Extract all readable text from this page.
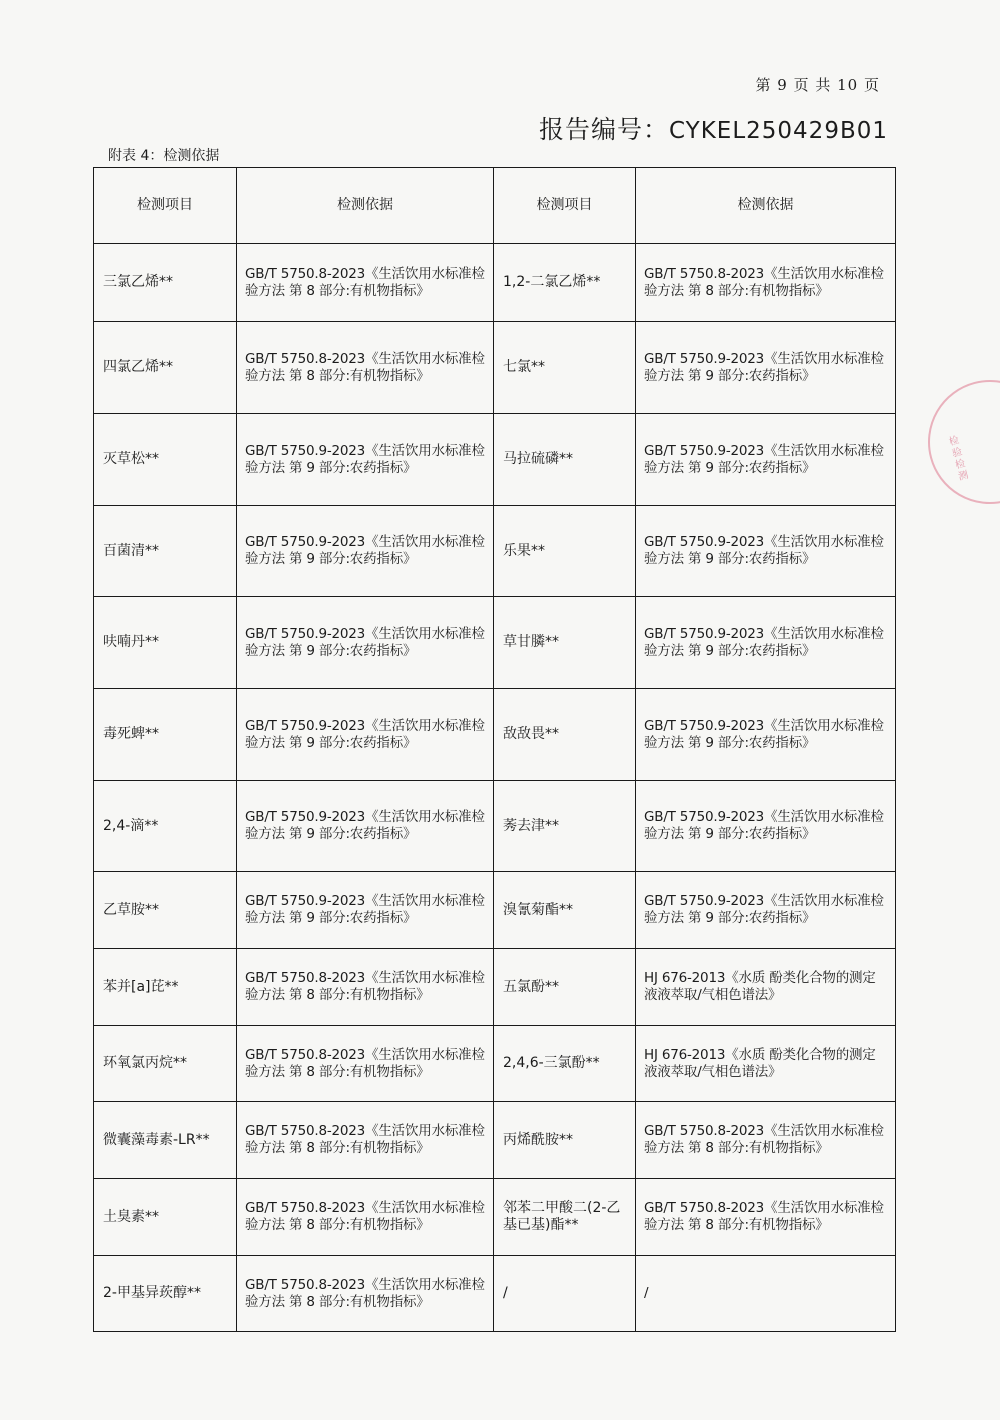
第 9 页 共 10 页
报告编号：CYKEL250429B01
附表 4：检测依据
检测项目	检测依据	检测项目	检测依据
三氯乙烯**	GB/T 5750.8-2023《生活饮用水标准检验方法 第 8 部分:有机物指标》	1,2-二氯乙烯**	GB/T 5750.8-2023《生活饮用水标准检验方法 第 8 部分:有机物指标》
四氯乙烯**	GB/T 5750.8-2023《生活饮用水标准检验方法 第 8 部分:有机物指标》	七氯**	GB/T 5750.9-2023《生活饮用水标准检验方法 第 9 部分:农药指标》
灭草松**	GB/T 5750.9-2023《生活饮用水标准检验方法 第 9 部分:农药指标》	马拉硫磷**	GB/T 5750.9-2023《生活饮用水标准检验方法 第 9 部分:农药指标》
百菌清**	GB/T 5750.9-2023《生活饮用水标准检验方法 第 9 部分:农药指标》	乐果**	GB/T 5750.9-2023《生活饮用水标准检验方法 第 9 部分:农药指标》
呋喃丹**	GB/T 5750.9-2023《生活饮用水标准检验方法 第 9 部分:农药指标》	草甘膦**	GB/T 5750.9-2023《生活饮用水标准检验方法 第 9 部分:农药指标》
毒死蜱**	GB/T 5750.9-2023《生活饮用水标准检验方法 第 9 部分:农药指标》	敌敌畏**	GB/T 5750.9-2023《生活饮用水标准检验方法 第 9 部分:农药指标》
2,4-滴**	GB/T 5750.9-2023《生活饮用水标准检验方法 第 9 部分:农药指标》	莠去津**	GB/T 5750.9-2023《生活饮用水标准检验方法 第 9 部分:农药指标》
乙草胺**	GB/T 5750.9-2023《生活饮用水标准检验方法 第 9 部分:农药指标》	溴氰菊酯**	GB/T 5750.9-2023《生活饮用水标准检验方法 第 9 部分:农药指标》
苯并[a]芘**	GB/T 5750.8-2023《生活饮用水标准检验方法 第 8 部分:有机物指标》	五氯酚**	HJ 676-2013《水质 酚类化合物的测定 液液萃取/气相色谱法》
环氧氯丙烷**	GB/T 5750.8-2023《生活饮用水标准检验方法 第 8 部分:有机物指标》	2,4,6-三氯酚**	HJ 676-2013《水质 酚类化合物的测定 液液萃取/气相色谱法》
微囊藻毒素-LR**	GB/T 5750.8-2023《生活饮用水标准检验方法 第 8 部分:有机物指标》	丙烯酰胺**	GB/T 5750.8-2023《生活饮用水标准检验方法 第 8 部分:有机物指标》
土臭素**	GB/T 5750.8-2023《生活饮用水标准检验方法 第 8 部分:有机物指标》	邻苯二甲酸二(2-乙基已基)酯**	GB/T 5750.8-2023《生活饮用水标准检验方法 第 8 部分:有机物指标》
2-甲基异莰醇**	GB/T 5750.8-2023《生活饮用水标准检验方法 第 8 部分:有机物指标》	/	/
检验检测
